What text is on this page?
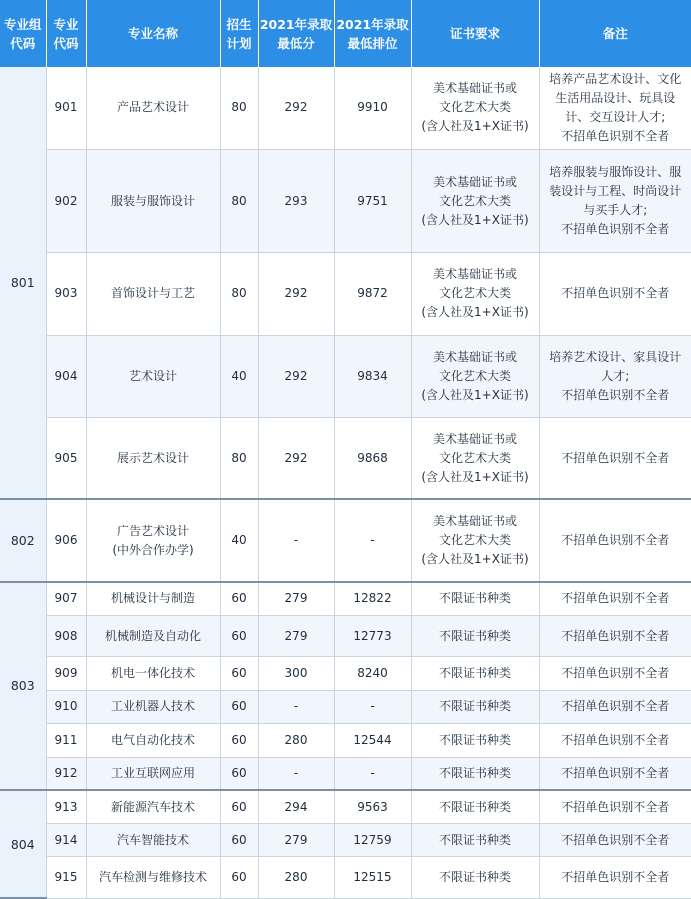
专业组
代码	专业
代码	专业名称	招生
计划	2021年录取
最低分	2021年录取
最低排位	证书要求	备注
801	901	产品艺术设计	80	292	9910	美术基础证书或
文化艺术大类
(含人社及1+X证书)	培养产品艺术设计、文化
生活用品设计、玩具设
计、交互设计人才;
不招单色识别不全者
	902	服装与服饰设计	80	293	9751	美术基础证书或
文化艺术大类
(含人社及1+X证书)	培养服装与服饰设计、服
装设计与工程、时尚设计
与买手人才;
不招单色识别不全者
	903	首饰设计与工艺	80	292	9872	美术基础证书或
文化艺术大类
(含人社及1+X证书)	不招单色识别不全者
	904	艺术设计	40	292	9834	美术基础证书或
文化艺术大类
(含人社及1+X证书)	培养艺术设计、家具设计
人才;
不招单色识别不全者
	905	展示艺术设计	80	292	9868	美术基础证书或
文化艺术大类
(含人社及1+X证书)	不招单色识别不全者
802	906	广告艺术设计
(中外合作办学)	40	-	-	美术基础证书或
文化艺术大类
(含人社及1+X证书)	不招单色识别不全者
803	907	机械设计与制造	60	279	12822	不限证书种类	不招单色识别不全者
	908	机械制造及自动化	60	279	12773	不限证书种类	不招单色识别不全者
	909	机电一体化技术	60	300	8240	不限证书种类	不招单色识别不全者
	910	工业机器人技术	60	-	-	不限证书种类	不招单色识别不全者
	911	电气自动化技术	60	280	12544	不限证书种类	不招单色识别不全者
	912	工业互联网应用	60	-	-	不限证书种类	不招单色识别不全者
804	913	新能源汽车技术	60	294	9563	不限证书种类	不招单色识别不全者
	914	汽车智能技术	60	279	12759	不限证书种类	不招单色识别不全者
	915	汽车检测与维修技术	60	280	12515	不限证书种类	不招单色识别不全者
